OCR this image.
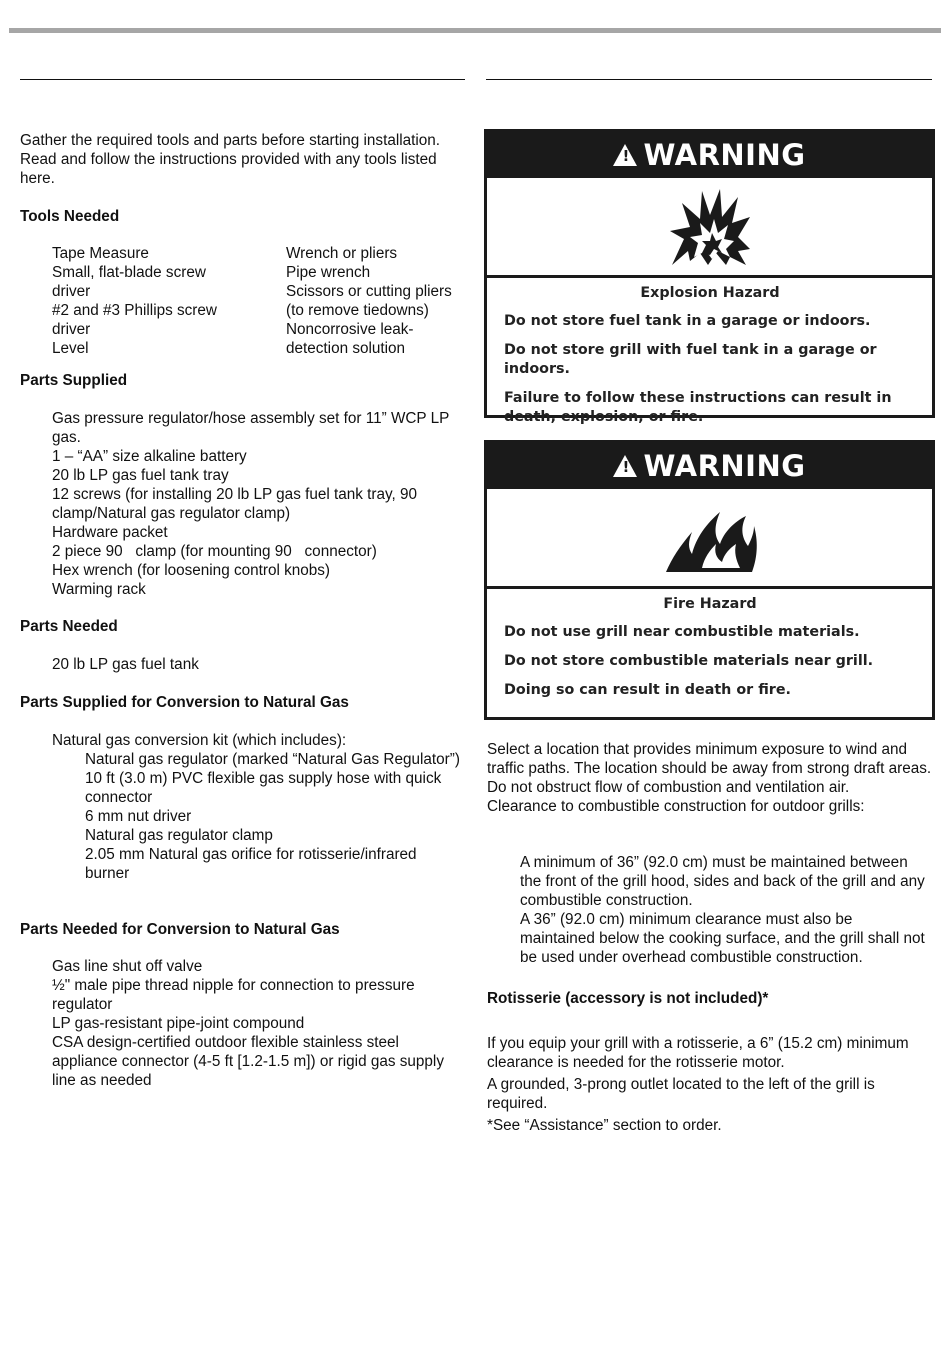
Gather the required tools and parts before starting installation. Read and follow the instructions provided with any tools listed here.

Tools Needed

Tape Measure
Small, flat-blade screw
driver
#2 and #3 Phillips screw
driver
Level
Wrench or pliers
Pipe wrench
Scissors or cutting pliers
(to remove tiedowns)
Noncorrosive leak-
detection solution

Parts Supplied

Gas pressure regulator/hose assembly set for 11” WCP LP gas.

1 – “AA” size alkaline battery

20 lb LP gas fuel tank tray

12 screws (for installing 20 lb LP gas fuel tank tray, 90 clamp/Natural gas regulator clamp)

Hardware packet

2 piece 90   clamp (for mounting 90   connector)

Hex wrench (for loosening control knobs)

Warming rack

Parts Needed

20 lb LP gas fuel tank

Parts Supplied for Conversion to Natural Gas

Natural gas conversion kit (which includes):

Natural gas regulator (marked “Natural Gas Regulator”)

10 ft (3.0 m) PVC flexible gas supply hose with quick connector

6 mm nut driver

Natural gas regulator clamp

2.05 mm Natural gas orifice for rotisserie/infrared burner

Parts Needed for Conversion to Natural Gas

Gas line shut off valve

½" male pipe thread nipple for connection to pressure regulator

LP gas-resistant pipe-joint compound

CSA design-certified outdoor flexible stainless steel appliance connector (4-5 ft [1.2-1.5 m]) or rigid gas supply line as needed

! WARNING
Explosion Hazard
Do not store fuel tank in a garage or indoors.
Do not store grill with fuel tank in a garage or indoors.
Failure to follow these instructions can result in death, explosion, or fire.
! WARNING
Fire Hazard
Do not use grill near combustible materials.
Do not store combustible materials near grill.
Doing so can result in death or fire.

Select a location that provides minimum exposure to wind and traffic paths. The location should be away from strong draft areas.

Do not obstruct flow of combustion and ventilation air.

Clearance to combustible construction for outdoor grills:

A minimum of 36” (92.0 cm) must be maintained between the front of the grill hood, sides and back of the grill and any combustible construction.

A 36” (92.0 cm) minimum clearance must also be maintained below the cooking surface, and the grill shall not be used under overhead combustible construction.

Rotisserie (accessory is not included)*

If you equip your grill with a rotisserie, a 6” (15.2 cm) minimum clearance is needed for the rotisserie motor.

A grounded, 3-prong outlet located to the left of the grill is required.

*See “Assistance” section to order.
